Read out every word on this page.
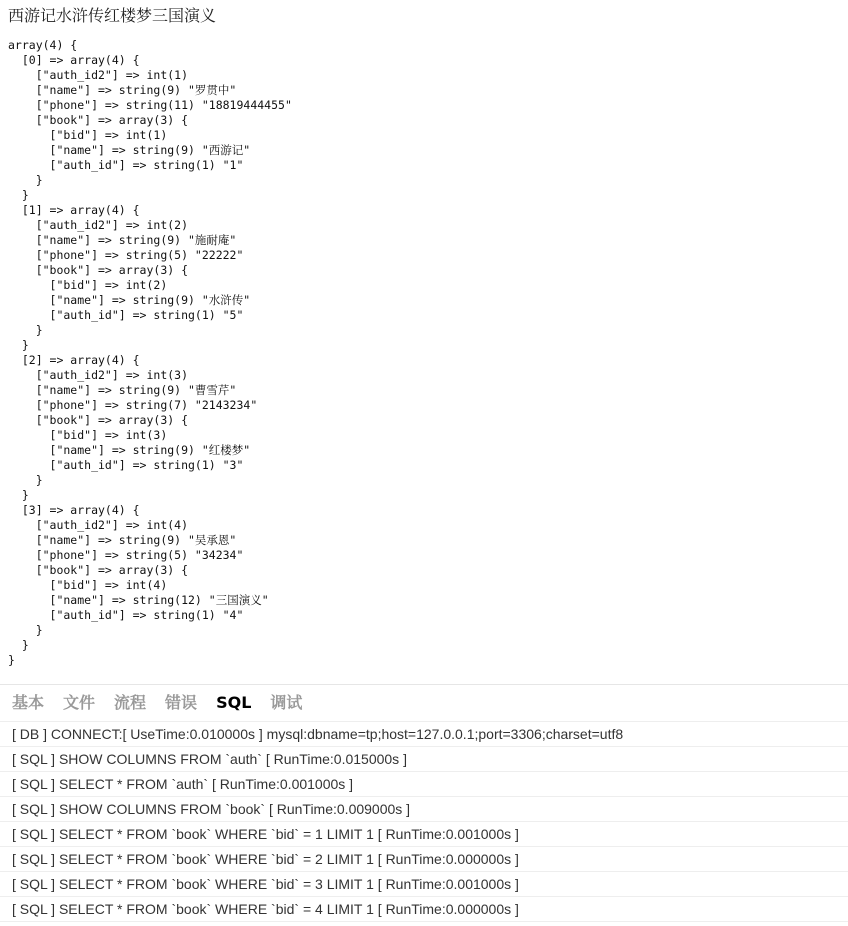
西游记水浒传红楼梦三国演义
array(4) {
[0] => array(4) {
["auth_id2"] => int(1)
["name"] => string(9) "罗贯中"
["phone"] => string(11) "18819444455"
["book"] => array(3) {
["bid"] => int(1)
["name"] => string(9) "西游记"
["auth_id"] => string(1) "1"
}
}
[1] => array(4) {
["auth_id2"] => int(2)
["name"] => string(9) "施耐庵"
["phone"] => string(5) "22222"
["book"] => array(3) {
["bid"] => int(2)
["name"] => string(9) "水浒传"
["auth_id"] => string(1) "5"
}
}
[2] => array(4) {
["auth_id2"] => int(3)
["name"] => string(9) "曹雪芹"
["phone"] => string(7) "2143234"
["book"] => array(3) {
["bid"] => int(3)
["name"] => string(9) "红楼梦"
["auth_id"] => string(1) "3"
}
}
[3] => array(4) {
["auth_id2"] => int(4)
["name"] => string(9) "吴承恩"
["phone"] => string(5) "34234"
["book"] => array(3) {
["bid"] => int(4)
["name"] => string(12) "三国演义"
["auth_id"] => string(1) "4"
}
}
}
基本 文件 流程 错误 SQL 调试
[ DB ] CONNECT:[ UseTime:0.010000s ] mysql:dbname=tp;host=127.0.0.1;port=3306;charset=utf8
[ SQL ] SHOW COLUMNS FROM `auth` [ RunTime:0.015000s ]
[ SQL ] SELECT * FROM `auth` [ RunTime:0.001000s ]
[ SQL ] SHOW COLUMNS FROM `book` [ RunTime:0.009000s ]
[ SQL ] SELECT * FROM `book` WHERE `bid` = 1 LIMIT 1 [ RunTime:0.001000s ]
[ SQL ] SELECT * FROM `book` WHERE `bid` = 2 LIMIT 1 [ RunTime:0.000000s ]
[ SQL ] SELECT * FROM `book` WHERE `bid` = 3 LIMIT 1 [ RunTime:0.001000s ]
[ SQL ] SELECT * FROM `book` WHERE `bid` = 4 LIMIT 1 [ RunTime:0.000000s ]
